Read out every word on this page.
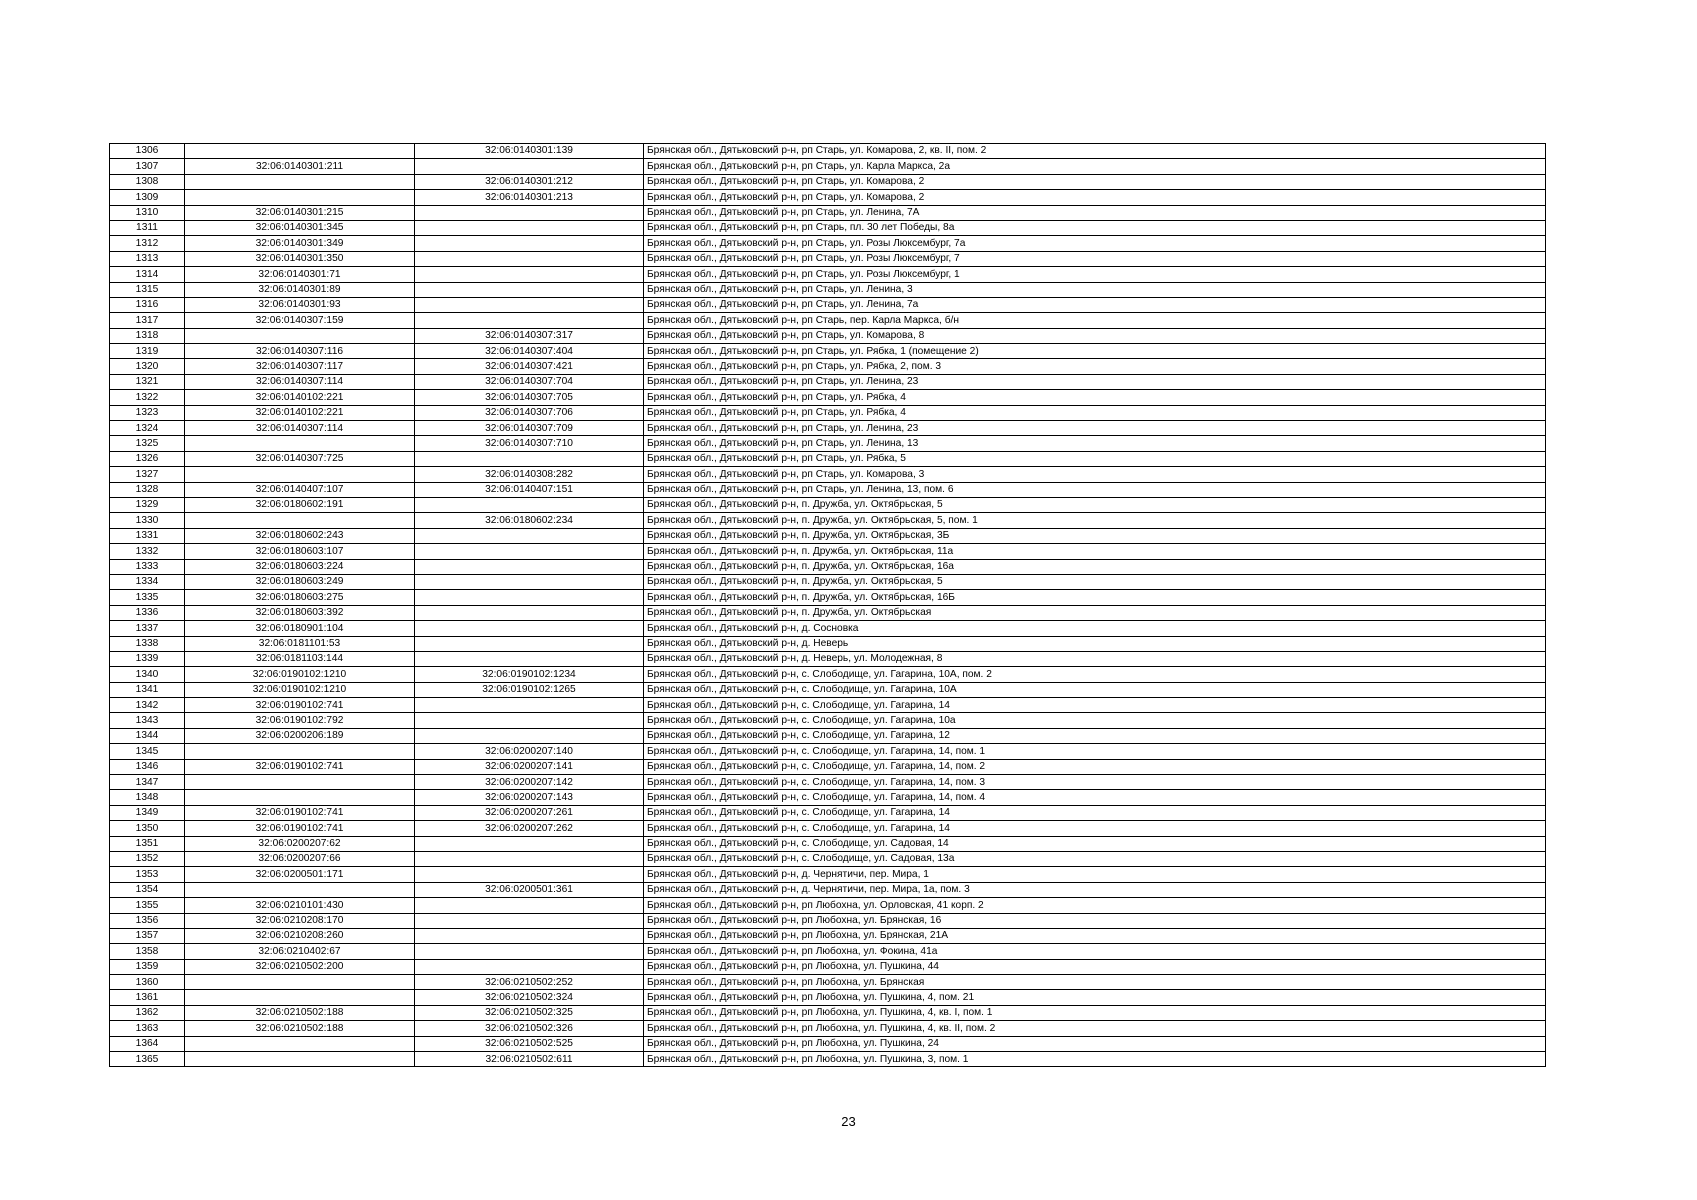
1306		32:06:0140301:139	Брянская обл., Дятьковский р-н, рп Старь, ул. Комарова, 2, кв. II, пом. 2
1307	32:06:0140301:211		Брянская обл., Дятьковский р-н, рп Старь, ул. Карла Маркса, 2а
1308		32:06:0140301:212	Брянская обл., Дятьковский р-н, рп Старь, ул. Комарова, 2
1309		32:06:0140301:213	Брянская обл., Дятьковский р-н, рп Старь, ул. Комарова, 2
1310	32:06:0140301:215		Брянская обл., Дятьковский р-н, рп Старь, ул. Ленина, 7А
1311	32:06:0140301:345		Брянская обл., Дятьковский р-н, рп Старь, пл. 30 лет Победы, 8а
1312	32:06:0140301:349		Брянская обл., Дятьковский р-н, рп Старь, ул. Розы Люксембург, 7а
1313	32:06:0140301:350		Брянская обл., Дятьковский р-н, рп Старь, ул. Розы Люксембург, 7
1314	32:06:0140301:71		Брянская обл., Дятьковский р-н, рп Старь, ул. Розы Люксембург, 1
1315	32:06:0140301:89		Брянская обл., Дятьковский р-н, рп Старь, ул. Ленина, 3
1316	32:06:0140301:93		Брянская обл., Дятьковский р-н, рп Старь, ул. Ленина, 7а
1317	32:06:0140307:159		Брянская обл., Дятьковский р-н, рп Старь, пер. Карла Маркса, б/н
1318		32:06:0140307:317	Брянская обл., Дятьковский р-н, рп Старь, ул. Комарова, 8
1319	32:06:0140307:116	32:06:0140307:404	Брянская обл., Дятьковский р-н, рп Старь, ул. Рябка, 1 (помещение 2)
1320	32:06:0140307:117	32:06:0140307:421	Брянская обл., Дятьковский р-н, рп Старь, ул. Рябка, 2, пом. 3
1321	32:06:0140307:114	32:06:0140307:704	Брянская обл., Дятьковский р-н, рп Старь, ул. Ленина, 23
1322	32:06:0140102:221	32:06:0140307:705	Брянская обл., Дятьковский р-н, рп Старь, ул. Рябка, 4
1323	32:06:0140102:221	32:06:0140307:706	Брянская обл., Дятьковский р-н, рп Старь, ул. Рябка, 4
1324	32:06:0140307:114	32:06:0140307:709	Брянская обл., Дятьковский р-н, рп Старь, ул. Ленина, 23
1325		32:06:0140307:710	Брянская обл., Дятьковский р-н, рп Старь, ул. Ленина, 13
1326	32:06:0140307:725		Брянская обл., Дятьковский р-н, рп Старь, ул. Рябка, 5
1327		32:06:0140308:282	Брянская обл., Дятьковский р-н, рп Старь, ул. Комарова, 3
1328	32:06:0140407:107	32:06:0140407:151	Брянская обл., Дятьковский р-н, рп Старь, ул. Ленина, 13, пом. 6
1329	32:06:0180602:191		Брянская обл., Дятьковский р-н, п. Дружба, ул. Октябрьская, 5
1330		32:06:0180602:234	Брянская обл., Дятьковский р-н, п. Дружба, ул. Октябрьская, 5, пом. 1
1331	32:06:0180602:243		Брянская обл., Дятьковский р-н, п. Дружба, ул. Октябрьская, 3Б
1332	32:06:0180603:107		Брянская обл., Дятьковский р-н, п. Дружба, ул. Октябрьская, 11а
1333	32:06:0180603:224		Брянская обл., Дятьковский р-н, п. Дружба, ул. Октябрьская, 16а
1334	32:06:0180603:249		Брянская обл., Дятьковский р-н, п. Дружба, ул. Октябрьская, 5
1335	32:06:0180603:275		Брянская обл., Дятьковский р-н, п. Дружба, ул. Октябрьская, 16Б
1336	32:06:0180603:392		Брянская обл., Дятьковский р-н, п. Дружба, ул. Октябрьская
1337	32:06:0180901:104		Брянская обл., Дятьковский р-н, д. Сосновка
1338	32:06:0181101:53		Брянская обл., Дятьковский р-н, д. Неверь
1339	32:06:0181103:144		Брянская обл., Дятьковский р-н, д. Неверь, ул. Молодежная, 8
1340	32:06:0190102:1210	32:06:0190102:1234	Брянская обл., Дятьковский р-н, с. Слободище, ул. Гагарина, 10А, пом. 2
1341	32:06:0190102:1210	32:06:0190102:1265	Брянская обл., Дятьковский р-н, с. Слободище, ул. Гагарина, 10А
1342	32:06:0190102:741		Брянская обл., Дятьковский р-н, с. Слободище, ул. Гагарина, 14
1343	32:06:0190102:792		Брянская обл., Дятьковский р-н, с. Слободище, ул. Гагарина, 10а
1344	32:06:0200206:189		Брянская обл., Дятьковский р-н, с. Слободище, ул. Гагарина, 12
1345		32:06:0200207:140	Брянская обл., Дятьковский р-н, с. Слободище, ул. Гагарина, 14, пом. 1
1346	32:06:0190102:741	32:06:0200207:141	Брянская обл., Дятьковский р-н, с. Слободище, ул. Гагарина, 14, пом. 2
1347		32:06:0200207:142	Брянская обл., Дятьковский р-н, с. Слободище, ул. Гагарина, 14, пом. 3
1348		32:06:0200207:143	Брянская обл., Дятьковский р-н, с. Слободище, ул. Гагарина, 14, пом. 4
1349	32:06:0190102:741	32:06:0200207:261	Брянская обл., Дятьковский р-н, с. Слободище, ул. Гагарина, 14
1350	32:06:0190102:741	32:06:0200207:262	Брянская обл., Дятьковский р-н, с. Слободище, ул. Гагарина, 14
1351	32:06:0200207:62		Брянская обл., Дятьковский р-н, с. Слободище, ул. Садовая, 14
1352	32:06:0200207:66		Брянская обл., Дятьковский р-н, с. Слободище, ул. Садовая, 13а
1353	32:06:0200501:171		Брянская обл., Дятьковский р-н, д. Чернятичи, пер. Мира, 1
1354		32:06:0200501:361	Брянская обл., Дятьковский р-н, д. Чернятичи, пер. Мира, 1а, пом. 3
1355	32:06:0210101:430		Брянская обл., Дятьковский р-н, рп Любохна, ул. Орловская, 41 корп. 2
1356	32:06:0210208:170		Брянская обл., Дятьковский р-н, рп Любохна, ул. Брянская, 16
1357	32:06:0210208:260		Брянская обл., Дятьковский р-н, рп Любохна, ул. Брянская, 21А
1358	32:06:0210402:67		Брянская обл., Дятьковский р-н, рп Любохна, ул. Фокина, 41а
1359	32:06:0210502:200		Брянская обл., Дятьковский р-н, рп Любохна, ул. Пушкина, 44
1360		32:06:0210502:252	Брянская обл., Дятьковский р-н, рп Любохна, ул. Брянская
1361		32:06:0210502:324	Брянская обл., Дятьковский р-н, рп Любохна, ул. Пушкина, 4, пом. 21
1362	32:06:0210502:188	32:06:0210502:325	Брянская обл., Дятьковский р-н, рп Любохна, ул. Пушкина, 4, кв. I, пом. 1
1363	32:06:0210502:188	32:06:0210502:326	Брянская обл., Дятьковский р-н, рп Любохна, ул. Пушкина, 4, кв. II, пом. 2
1364		32:06:0210502:525	Брянская обл., Дятьковский р-н, рп Любохна, ул. Пушкина, 24
1365		32:06:0210502:611	Брянская обл., Дятьковский р-н, рп Любохна, ул. Пушкина, 3, пом. 1
23
